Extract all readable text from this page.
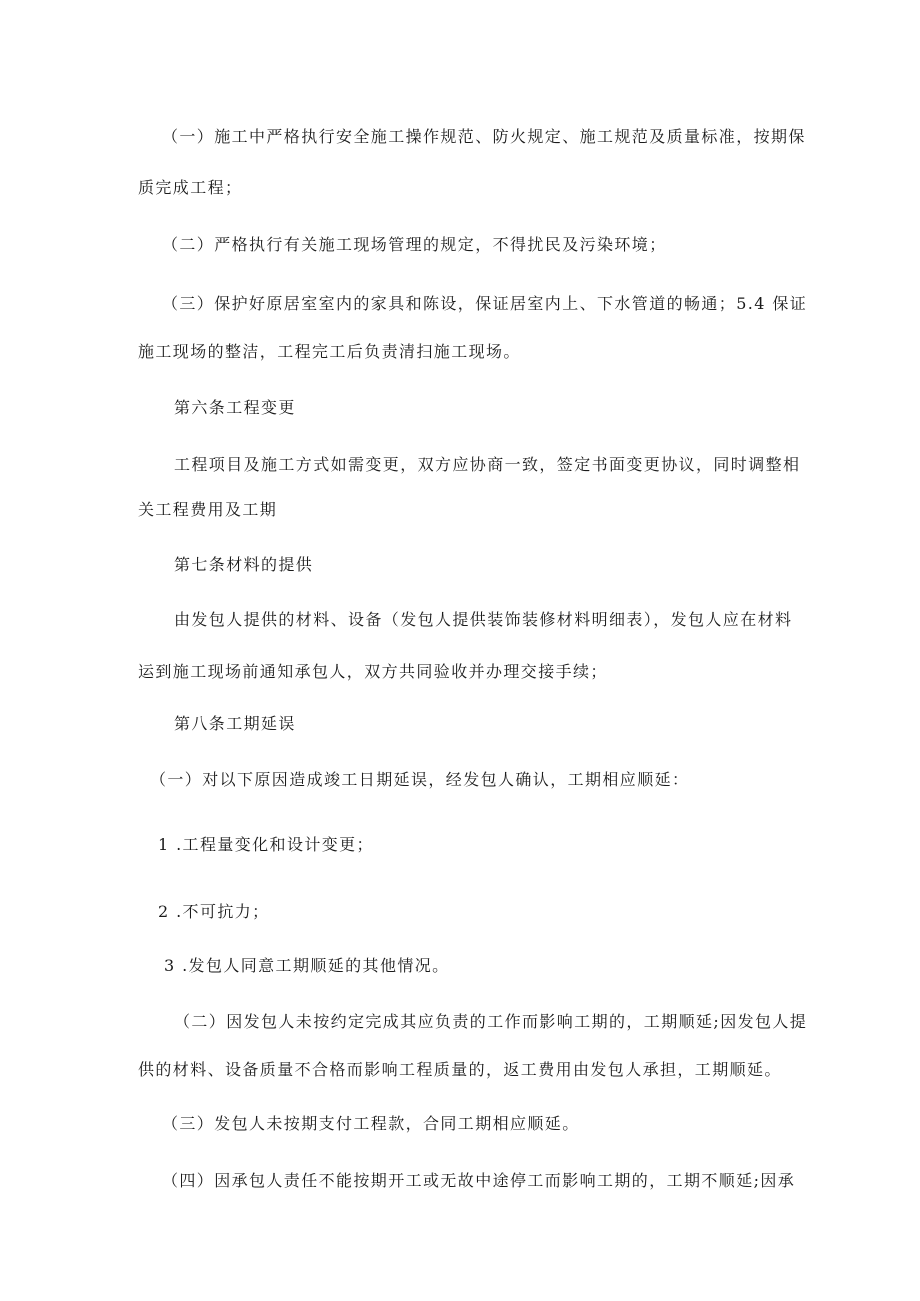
（一）施工中严格执行安全施工操作规范、防火规定、施工规范及质量标准，按期保
质完成工程；
（二）严格执行有关施工现场管理的规定，不得扰民及污染环境；
（三）保护好原居室室内的家具和陈设，保证居室内上、下水管道的畅通；5.4 保证
施工现场的整洁，工程完工后负责清扫施工现场。
第六条工程变更
工程项目及施工方式如需变更，双方应协商一致，签定书面变更协议，同时调整相
关工程费用及工期
第七条材料的提供
由发包人提供的材料、设备（发包人提供装饰装修材料明细表），发包人应在材料
运到施工现场前通知承包人，双方共同验收并办理交接手续；
第八条工期延误
（一）对以下原因造成竣工日期延误，经发包人确认，工期相应顺延：
1 .工程量变化和设计变更；
2 .不可抗力；
3 .发包人同意工期顺延的其他情况。
（二）因发包人未按约定完成其应负责的工作而影响工期的，工期顺延;因发包人提
供的材料、设备质量不合格而影响工程质量的，返工费用由发包人承担，工期顺延。
（三）发包人未按期支付工程款，合同工期相应顺延。
（四）因承包人责任不能按期开工或无故中途停工而影响工期的，工期不顺延;因承
